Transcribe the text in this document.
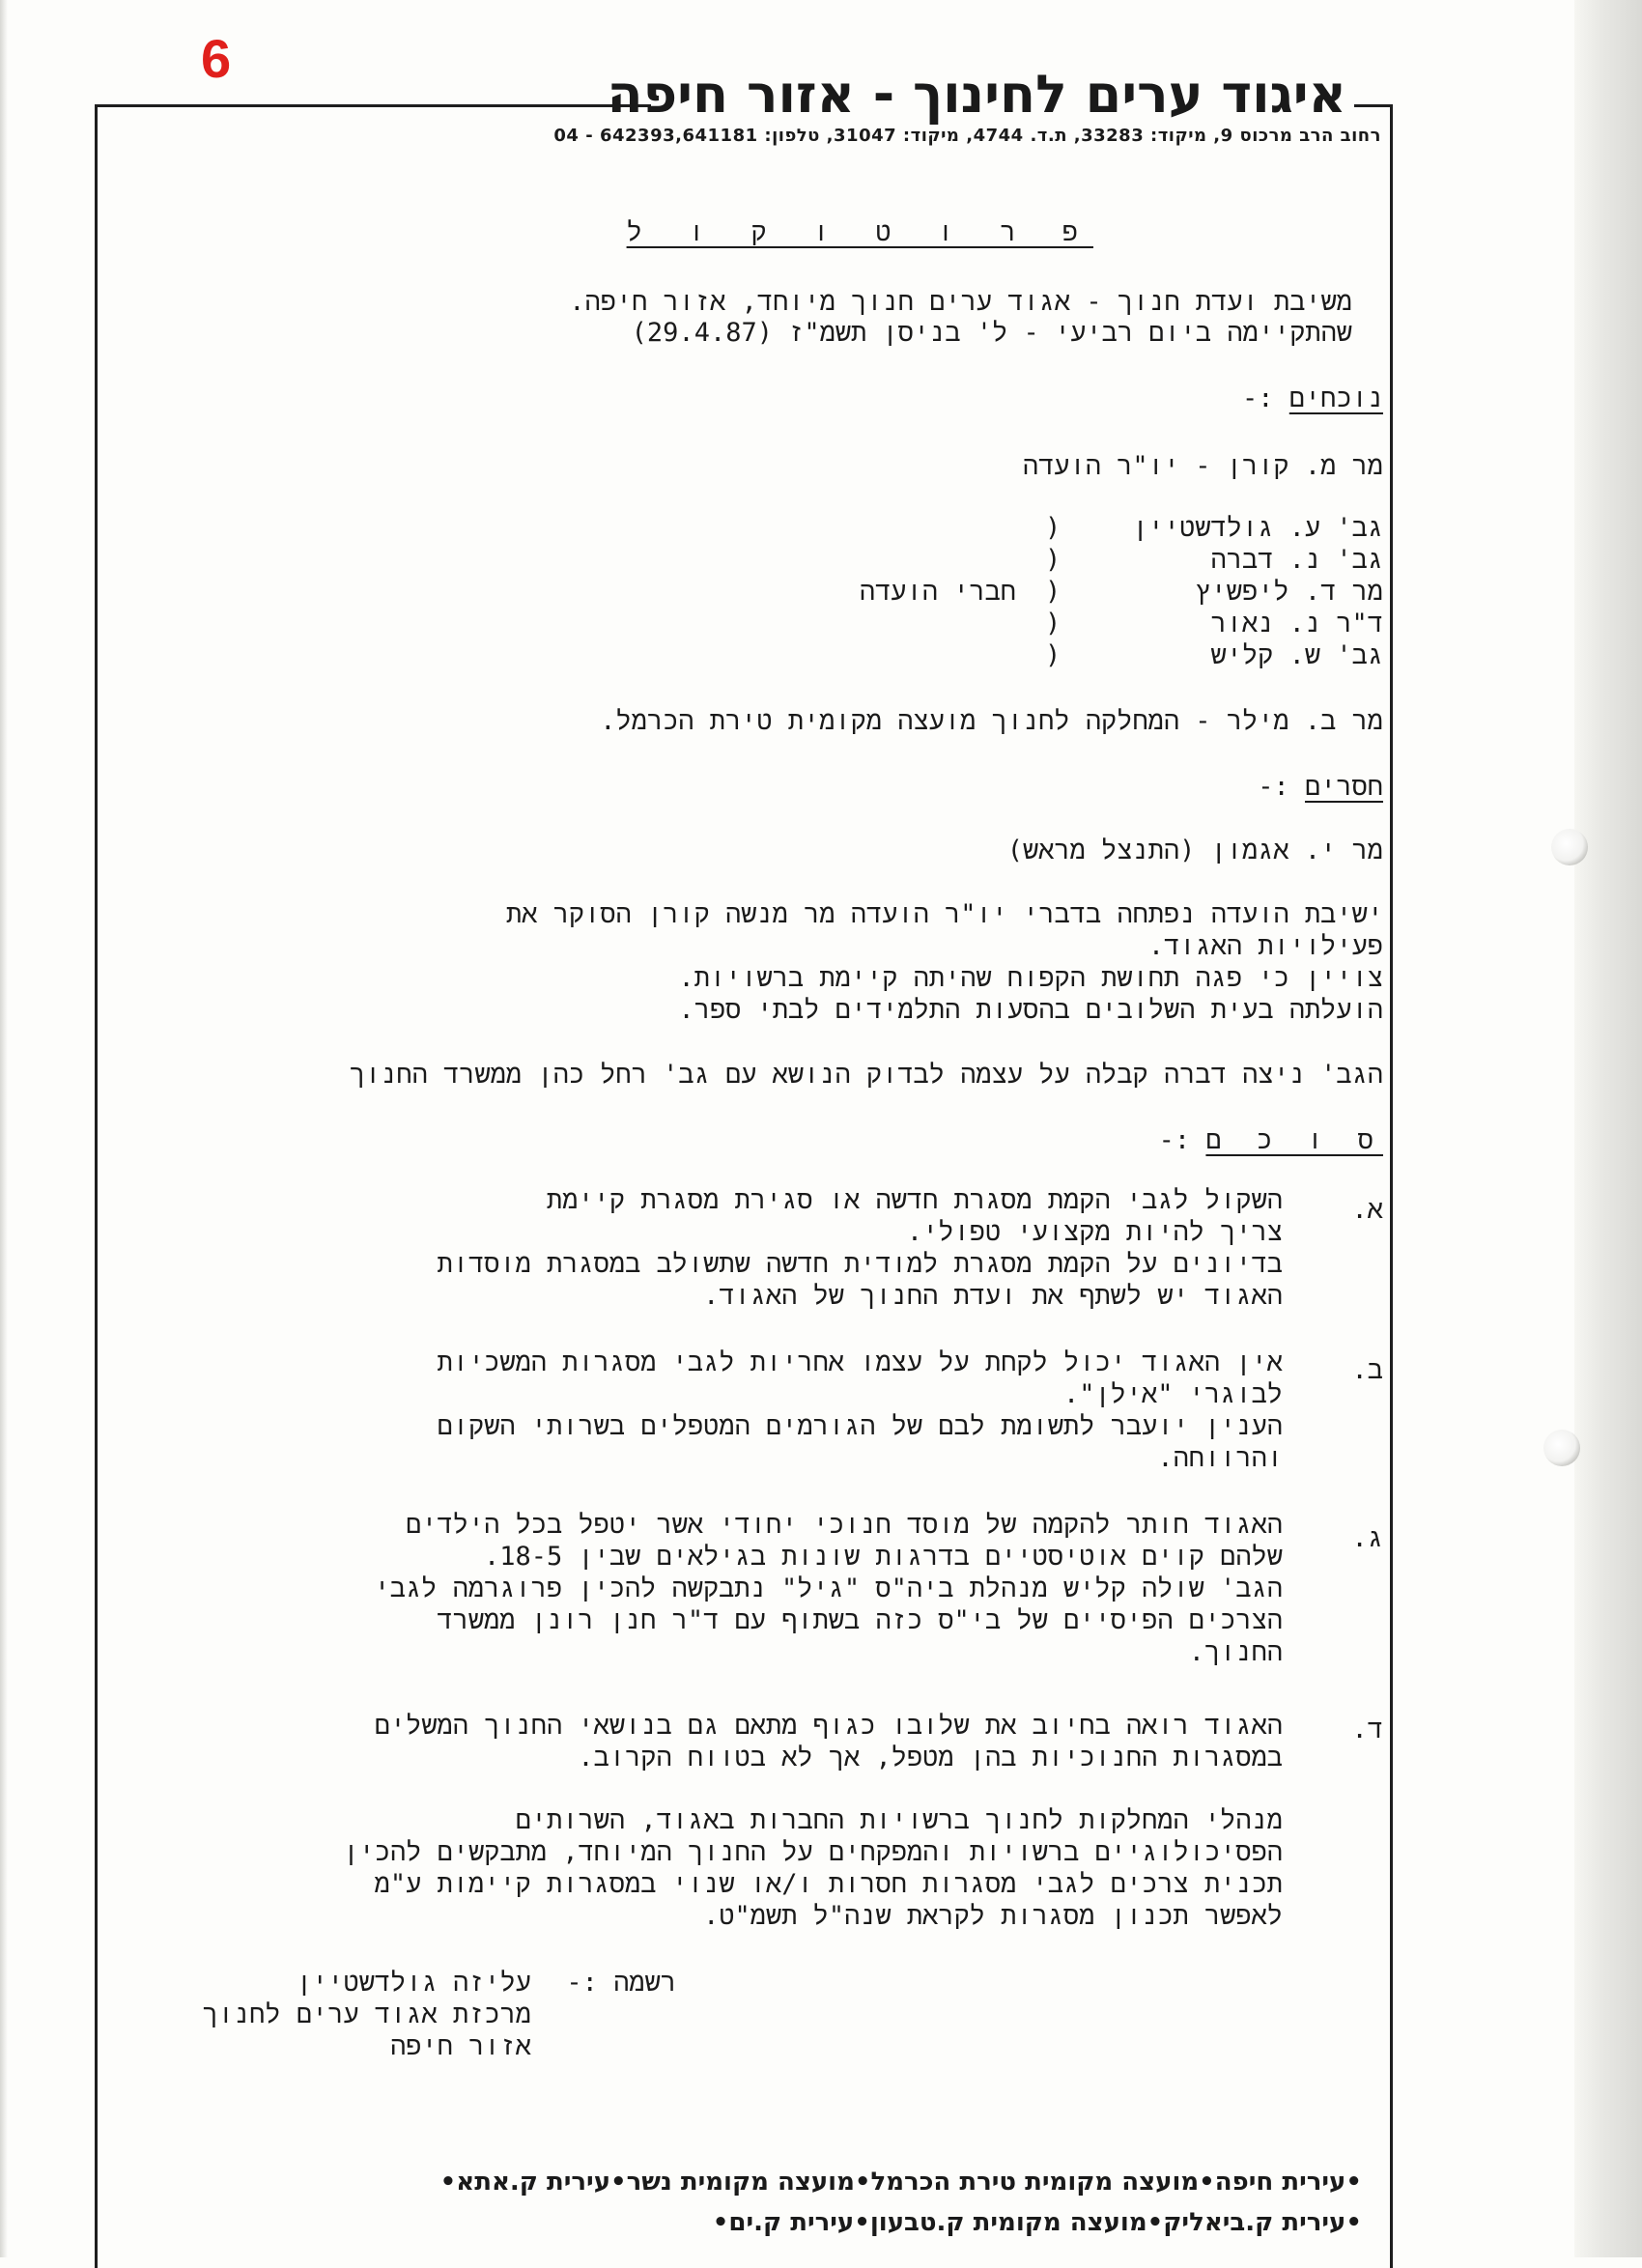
6
איגוד ערים לחינוך - אזור חיפה
רחוב הרב מרכוס 9, מיקוד: 33283, ת.ד. 4744, מיקוד: 31047, טלפון: 642393,641181 - 04
פ ר ו ט ו ק ו ל
משיבת ועדת חנוך - אגוד ערים חנוך מיוחד, אזור חיפה.
שהתקיימה ביום רביעי - ל' בניסן תשמ"ז (29.4.87)
נוכחים :-
מר מ. קורן - יו"ר הועדה
גב' ע. גולדשטיין
גב' נ. דברה
מר ד. ליפשיץ
ד"ר נ. נאור
גב' ש. קליש
)
)
)
)
)
חברי הועדה
מר ב. מילר - המחלקה לחנוך מועצה מקומית טירת הכרמל.
חסרים :-
מר י. אגמון (התנצל מראש)
ישיבת הועדה נפתחה בדברי יו"ר הועדה מר מנשה קורן הסוקר את
פעילויות האגוד.
צויין כי פגה תחושת הקפוח שהיתה קיימת ברשויות.
הועלתה בעית השלובים בהסעות התלמידים לבתי ספר.
הגב' ניצה דברה קבלה על עצמה לבדוק הנושא עם גב' רחל כהן ממשרד החנוך
ס ו כ ם :-
א.
השקול לגבי הקמת מסגרת חדשה או סגירת מסגרת קיימת
צריך להיות מקצועי טפולי.
בדיונים על הקמת מסגרת למודית חדשה שתשולב במסגרת מוסדות
האגוד יש לשתף את ועדת החנוך של האגוד.
ב.
אין האגוד יכול לקחת על עצמו אחריות לגבי מסגרות המשכיות
לבוגרי "אילן".
הענין יועבר לתשומת לבם של הגורמים המטפלים בשרותי השקום
והרווחה.
ג.
האגוד חותר להקמה של מוסד חנוכי יחודי אשר יטפל בכל הילדים
שלהם קוים אוטיסטיים בדרגות שונות בגילאים שבין 18-5.
הגב' שולה קליש מנהלת ביה"ס "גיל" נתבקשה להכין פרוגרמה לגבי
הצרכים הפיסיים של בי"ס כזה בשתוף עם ד"ר חנן רונן ממשרד
החנוך.
ד.
האגוד רואה בחיוב את שלובו כגוף מתאם גם בנושאי החנוך המשלים
במסגרות החנוכיות בהן מטפל, אך לא בטווח הקרוב.
מנהלי המחלקות לחנוך ברשויות החברות באגוד, השרותים
הפסיכולוגיים ברשויות והמפקחים על החנוך המיוחד, מתבקשים להכין
תכנית צרכים לגבי מסגרות חסרות ו/או שנוי במסגרות קיימות ע"מ
לאפשר תכנון מסגרות לקראת שנה"ל תשמ"ט.
רשמה :-
עליזה גולדשטיין
מרכזת אגוד ערים לחנוך
אזור חיפה
•עירית חיפה•מועצה מקומית טירת הכרמל•מועצה מקומית נשר•עירית ק.אתא•
•עירית ק.ביאליק•מועצה מקומית ק.טבעון•עירית ק.ים•
